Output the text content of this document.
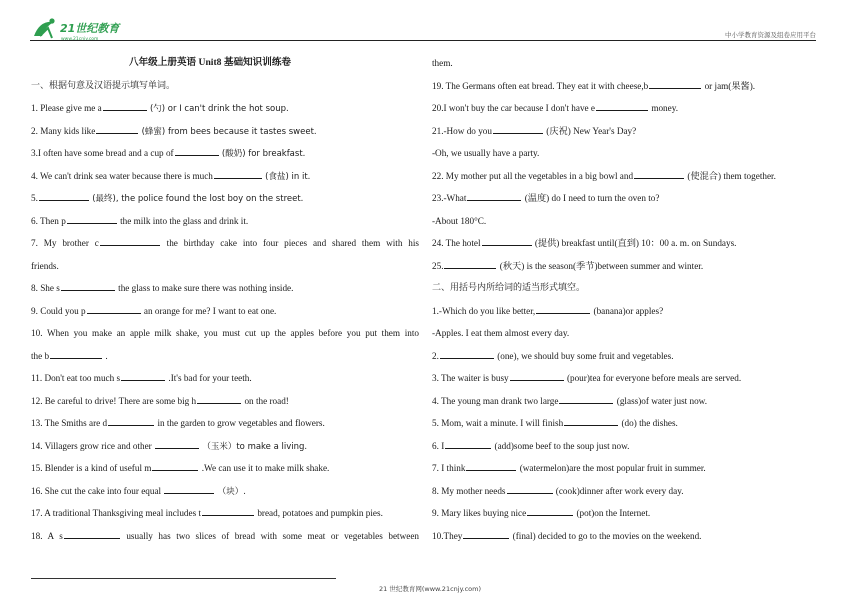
21世纪教育
www.21cnjy.com
中小学教育资源及组卷应用平台
八年级上册英语 Unit8 基础知识训练卷
一、根据句意及汉语提示填写单词。
1. Please give me a	(勺) or I can't drink the hot soup.
2. Many kids like	(蜂蜜) from bees because it tastes sweet.
3.I often have some bread and a cup of	(酸奶) for breakfast.
4. We can't drink sea water because there is much	(食盐) in it.
5.	(最终), the police found the lost boy on the street.
6. Then p	the milk into the glass and drink it.
7. My brother c	the birthday cake into four pieces and shared them with his
friends.
8. She s	the glass to make sure there was nothing inside.
9. Could you p	an orange for me? I want to eat one.
10. When you make an apple milk shake, you must cut up the apples before you put them into
the b	.
11. Don't eat too much s	.It's bad for your teeth.
12. Be careful to drive! There are some big h	on the road!
13. The Smiths are d	in the garden to grow vegetables and flowers.
14. Villagers grow rice and other	（玉米）to make a living.
15. Blender is a kind of useful m	.We can use it to make milk shake.
16. She cut the cake into four equal	（块）.
17. A traditional Thanksgiving meal includes t	bread, potatoes and pumpkin pies.
18. A s	usually has two slices of bread with some meat or vegetables between
them.
19. The Germans often eat bread. They eat it with cheese,b	or jam(果酱).
20.I won't buy the car because I don't have e	money.
21.-How do you	(庆祝) New Year's Day?
-Oh, we usually have a party.
22. My mother put all the vegetables in a big bowl and	(使混合) them together.
23.-What	(温度) do I need to turn the oven to?
-About 180°C.
24. The hotel	(提供) breakfast until(直到) 10：00 a. m. on Sundays.
25.	(秋天) is the season(季节)between summer and winter.
二、用括号内所给词的适当形式填空。
1.-Which do you like better,	(banana)or apples?
-Apples. I eat them almost every day.
2.	(one), we should buy some fruit and vegetables.
3. The waiter is busy	(pour)tea for everyone before meals are served.
4. The young man drank two large	(glass)of water just now.
5. Mom, wait a minute. I will finish	(do) the dishes.
6. I	(add)some beef to the soup just now.
7. I think	(watermelon)are the most popular fruit in summer.
8. My mother needs	(cook)dinner after work every day.
9. Mary likes buying nice	(pot)on the Internet.
10.They	(final) decided to go to the movies on the weekend.
21 世纪教育网(www.21cnjy.com)
